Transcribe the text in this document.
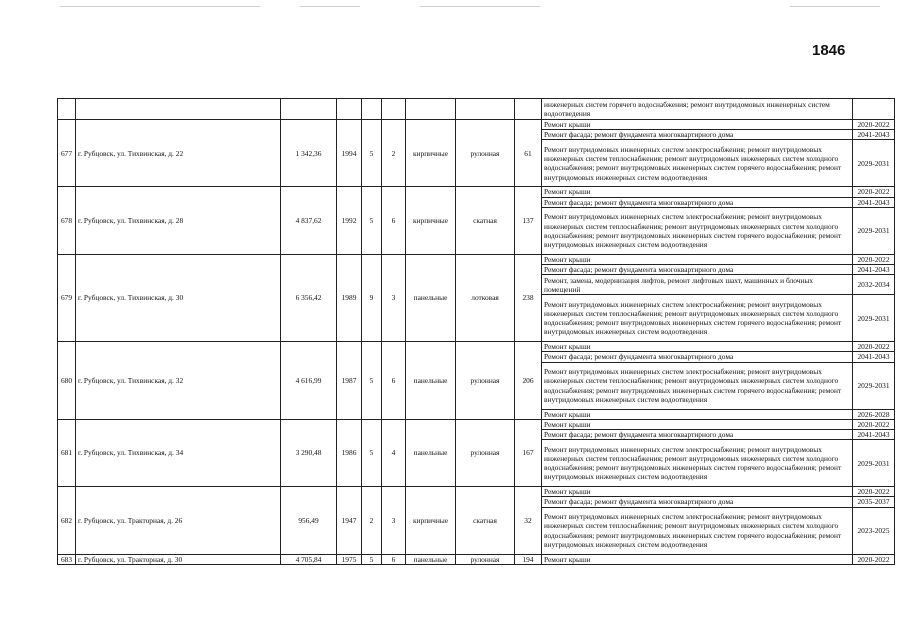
1846
									инженерных систем горячего водоснабжения; ремонт внутридомовых инженерных систем водоотведения	
677	г. Рубцовск, ул. Тихвинская, д. 22	1 342,36	1994	5	2	кирпичные	рулонная	61	Ремонт крыши	2020-2022
									Ремонт фасада; ремонт фундамента многоквартирного дома	2041-2043
									Ремонт внутридомовых инженерных систем электроснабжения; ремонт внутридомовых инженерных систем теплоснабжения; ремонт внутридомовых инженерных систем холодного водоснабжения; ремонт внутридомовых инженерных систем горячего водоснабжения; ремонт внутридомовых инженерных систем водоотведения	2029-2031
678	г. Рубцовск, ул. Тихвинская, д. 28	4 837,62	1992	5	6	кирпичные	скатная	137	Ремонт крыши	2020-2022
									Ремонт фасада; ремонт фундамента многоквартирного дома	2041-2043
									Ремонт внутридомовых инженерных систем электроснабжения; ремонт внутридомовых инженерных систем теплоснабжения; ремонт внутридомовых инженерных систем холодного водоснабжения; ремонт внутридомовых инженерных систем горячего водоснабжения; ремонт внутридомовых инженерных систем водоотведения	2029-2031
679	г. Рубцовск, ул. Тихвинская, д. 30	6 356,42	1989	9	3	панельные	лотковая	238	Ремонт крыши	2020-2022
									Ремонт фасада; ремонт фундамента многоквартирного дома	2041-2043
									Ремонт, замена, модернизация лифтов, ремонт лифтовых шахт, машинных и блочных помещений	2032-2034
									Ремонт внутридомовых инженерных систем электроснабжения; ремонт внутридомовых инженерных систем теплоснабжения; ремонт внутридомовых инженерных систем холодного водоснабжения; ремонт внутридомовых инженерных систем горячего водоснабжения; ремонт внутридомовых инженерных систем водоотведения	2029-2031
680	г. Рубцовск, ул. Тихвинская, д. 32	4 616,99	1987	5	6	панельные	рулонная	206	Ремонт крыши	2020-2022
									Ремонт фасада; ремонт фундамента многоквартирного дома	2041-2043
									Ремонт внутридомовых инженерных систем электроснабжения; ремонт внутридомовых инженерных систем теплоснабжения; ремонт внутридомовых инженерных систем холодного водоснабжения; ремонт внутридомовых инженерных систем горячего водоснабжения; ремонт внутридомовых инженерных систем водоотведения	2029-2031
									Ремонт крыши	2026-2028
681	г. Рубцовск, ул. Тихвинская, д. 34	3 290,48	1986	5	4	панельные	рулонная	167	Ремонт крыши	2020-2022
									Ремонт фасада; ремонт фундамента многоквартирного дома	2041-2043
									Ремонт внутридомовых инженерных систем электроснабжения; ремонт внутридомовых инженерных систем теплоснабжения; ремонт внутридомовых инженерных систем холодного водоснабжения; ремонт внутридомовых инженерных систем горячего водоснабжения; ремонт внутридомовых инженерных систем водоотведения	2029-2031
682	г. Рубцовск, ул. Тракторная, д. 26	956,49	1947	2	3	кирпичные	скатная	32	Ремонт крыши	2020-2022
									Ремонт фасада; ремонт фундамента многоквартирного дома	2035-2037
									Ремонт внутридомовых инженерных систем электроснабжения; ремонт внутридомовых инженерных систем теплоснабжения; ремонт внутридомовых инженерных систем холодного водоснабжения; ремонт внутридомовых инженерных систем горячего водоснабжения; ремонт внутридомовых инженерных систем водоотведения	2023-2025
683	г. Рубцовск, ул. Тракторная, д. 30	4 705,84	1975	5	6	панельные	рулонная	194	Ремонт крыши	2020-2022
